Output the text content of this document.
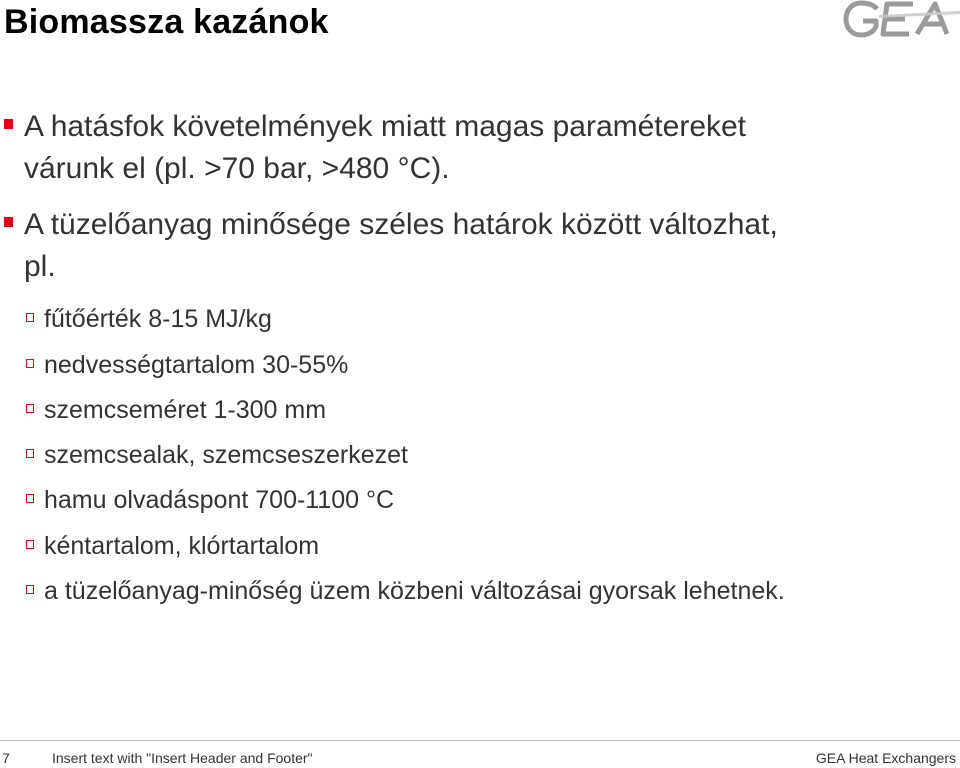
Biomassza kazánok
A hatásfok követelmények miatt magas paramétereket
várunk el (pl. >70 bar, >480 °C).
A tüzelőanyag minősége széles határok között változhat,
pl.
fűtőérték 8-15 MJ/kg
nedvességtartalom 30-55%
szemcseméret 1-300 mm
szemcsealak, szemcseszerkezet
hamu olvadáspont 700-1100 °C
kéntartalom, klórtartalom
a tüzelőanyag-minőség üzem közbeni változásai gyorsak lehetnek.
7	Insert text with "Insert Header and Footer"	GEA Heat Exchangers
